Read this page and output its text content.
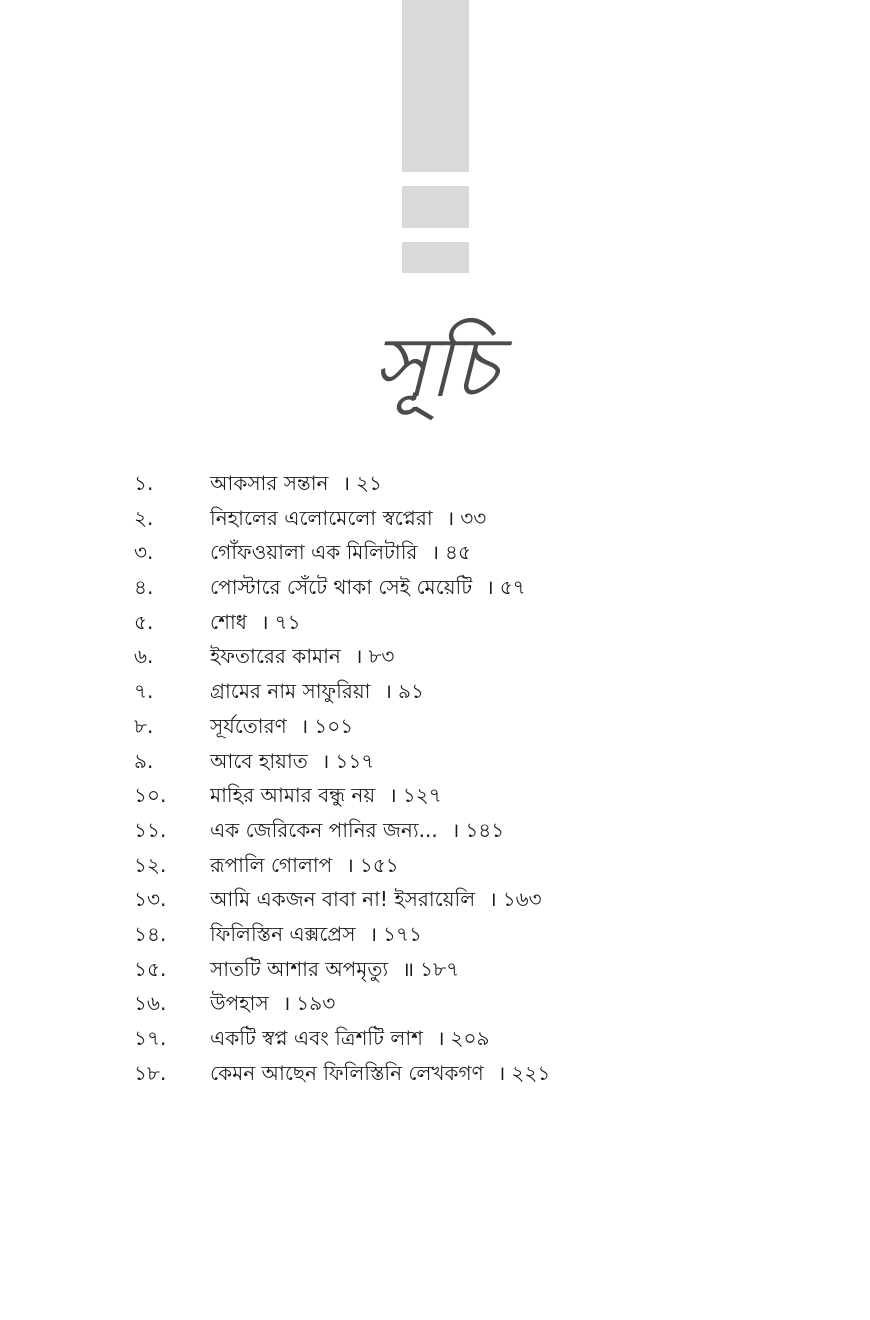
সূচি
১.	আকসার সন্তান । ২১
২.	নিহালের এলোমেলো স্বপ্নেরা । ৩৩
৩.	গোঁফওয়ালা এক মিলিটারি । ৪৫
৪.	পোস্টারে সেঁটে থাকা সেই মেয়েটি । ৫৭
৫.	শোধ । ৭১
৬.	ইফতারের কামান । ৮৩
৭.	গ্রামের নাম সাফুরিয়া । ৯১
৮.	সূর্যতোরণ । ১০১
৯.	আবে হায়াত । ১১৭
১০.	মাহির আমার বন্ধু নয় । ১২৭
১১.	এক জেরিকেন পানির জন্য... । ১৪১
১২.	রূপালি গোলাপ । ১৫১
১৩.	আমি একজন বাবা না! ইসরায়েলি । ১৬৩
১৪.	ফিলিস্তিন এক্সপ্রেস । ১৭১
১৫.	সাতটি আশার অপমৃত্যু ॥ ১৮৭
১৬.	উপহাস । ১৯৩
১৭.	একটি স্বপ্ন এবং ত্রিশটি লাশ । ২০৯
১৮.	কেমন আছেন ফিলিস্তিনি লেখকগণ । ২২১
